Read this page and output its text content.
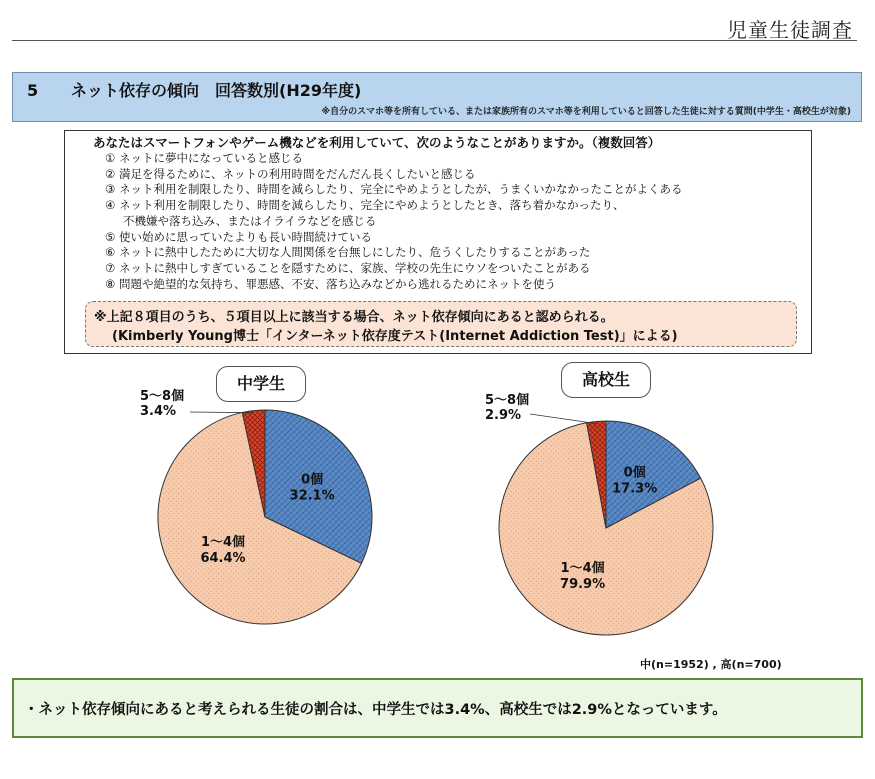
児童生徒調査
5 ネット依存の傾向　回答数別(H29年度)
※自分のスマホ等を所有している、または家族所有のスマホ等を利用していると回答した生徒に対する質問(中学生・高校生が対象)
あなたはスマートフォンやゲーム機などを利用していて、次のようなことがありますか。（複数回答）
① ネットに夢中になっていると感じる
② 満足を得るために、ネットの利用時間をだんだん長くしたいと感じる
③ ネット利用を制限したり、時間を減らしたり、完全にやめようとしたが、うまくいかなかったことがよくある
④ ネット利用を制限したり、時間を減らしたり、完全にやめようとしたとき、落ち着かなかったり、
不機嫌や落ち込み、またはイライラなどを感じる
⑤ 使い始めに思っていたよりも長い時間続けている
⑥ ネットに熱中したために大切な人間関係を台無しにしたり、危うくしたりすることがあった
⑦ ネットに熱中しすぎていることを隠すために、家族、学校の先生にウソをついたことがある
⑧ 問題や絶望的な気持ち、罪悪感、不安、落ち込みなどから逃れるためにネットを使う
※上記８項目のうち、５項目以上に該当する場合、ネット依存傾向にあると認められる。
(Kimberly Young博士「インターネット依存度テスト(Internet Addiction Test)」による)
0個
32.1%
1～4個
64.4%
5～8個
3.4%
0個
17.3%
1～4個
79.9%
5～8個
2.9%
中学生	高校生
中(n=1952) , 高(n=700)
・ネット依存傾向にあると考えられる生徒の割合は、中学生では3.4%、高校生では2.9%となっています。
